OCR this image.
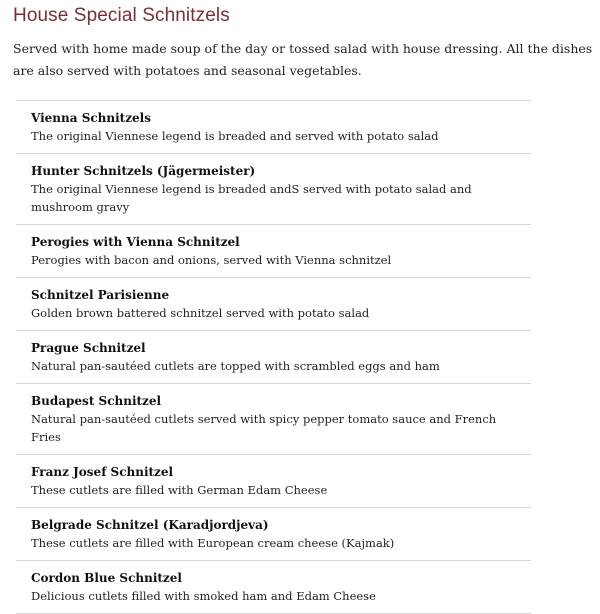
House Special Schnitzels

Served with home made soup of the day or tossed salad with house dressing. All the dishes are also served with potatoes and seasonal vegetables.

Vienna Schnitzels
The original Viennese legend is breaded and served with potato salad
Hunter Schnitzels (Jägermeister)
The original Viennese legend is breaded andS served with potato salad and mushroom gravy
Perogies with Vienna Schnitzel
Perogies with bacon and onions, served with Vienna schnitzel
Schnitzel Parisienne
Golden brown battered schnitzel served with potato salad
Prague Schnitzel
Natural pan-sautéed cutlets are topped with scrambled eggs and ham
Budapest Schnitzel
Natural pan-sautéed cutlets served with spicy pepper tomato sauce and French Fries
Franz Josef Schnitzel
These cutlets are filled with German Edam Cheese
Belgrade Schnitzel (Karadjordjeva)
These cutlets are filled with European cream cheese (Kajmak)
Cordon Blue Schnitzel
Delicious cutlets filled with smoked ham and Edam Cheese
